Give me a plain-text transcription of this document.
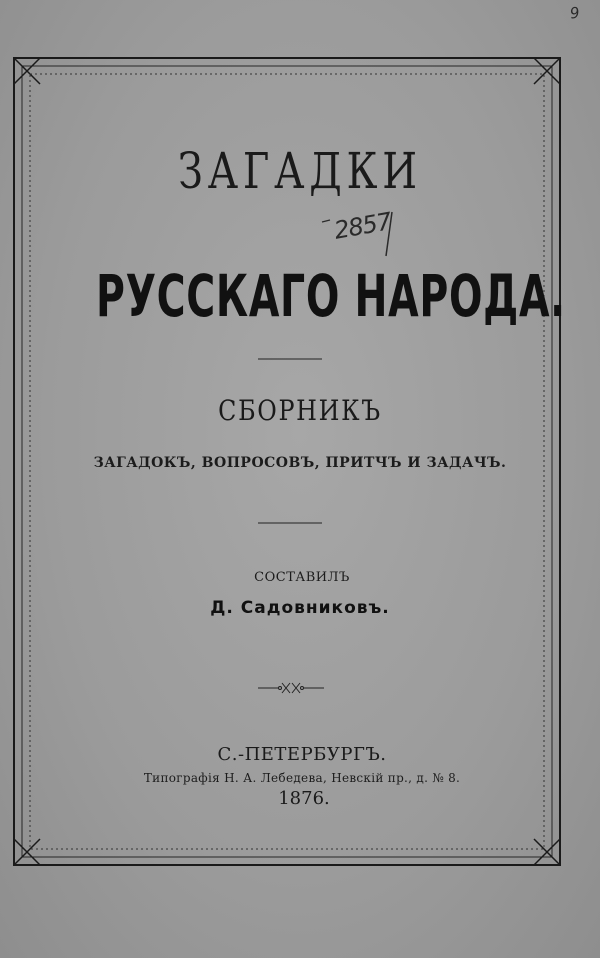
ЗАГАДКИ
РУССКАГО НАРОДА.
СБОРНИКЪ
ЗАГАДОКЪ, ВОПРОСОВЪ, ПРИТЧЪ И ЗАДАЧЪ.
СОСТАВИЛЪ
Д. Садовниковъ.
С.-ПЕТЕРБУРГЪ.
Типографія Н. А. Лебедева, Невскій пр., д. № 8.
1876.
2857
9
